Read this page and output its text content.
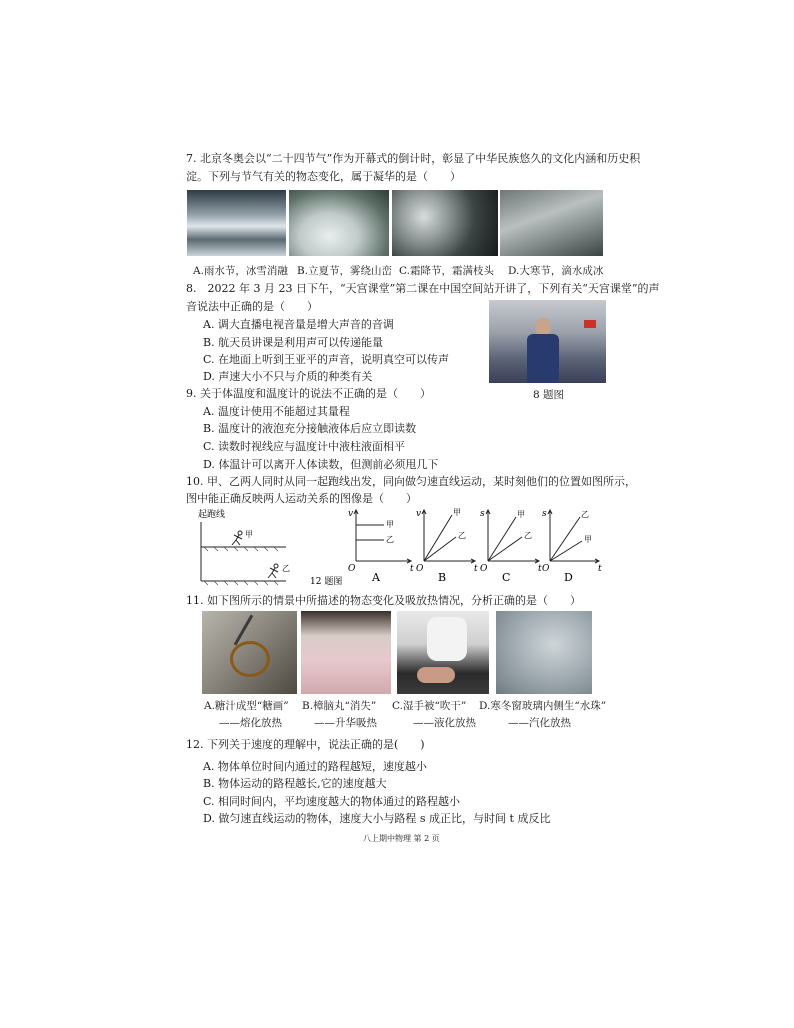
7. 北京冬奥会以“二十四节气”作为开幕式的倒计时，彰显了中华民族悠久的文化内涵和历史积
淀。下列与节气有关的物态变化，属于凝华的是（　　）
A.雨水节，冰雪消融 B.立夏节，雾绕山峦 C.霜降节，霜满枝头 D.大寒节，滴水成冰
8.　2022 年 3 月 23 日下午，“天宫课堂”第二课在中国空间站开讲了，下列有关“天宫课堂”的声
音说法中正确的是（　　）
A. 调大直播电视音量是增大声音的音调
B. 航天员讲课是利用声可以传递能量
C. 在地面上听到王亚平的声音，说明真空可以传声
D. 声速大小不只与介质的种类有关
8 题图
9. 关于体温度和温度计的说法不正确的是（　　）
A. 温度计使用不能超过其量程
B. 温度计的液泡充分接触液体后应立即读数
C. 读数时视线应与温度计中液柱液面相平
D. 体温计可以离开人体读数，但测前必须甩几下
10. 甲、乙两人同时从同一起跑线出发，同向做匀速直线运动，某时刻他们的位置如图所示，
图中能正确反映两人运动关系的图像是（　　）
起跑线
甲
乙
12 题图
v
t
O
甲
乙
A
v
t
O
甲
乙
B
s
t
O
甲
乙
C
s
t
O
乙
甲
D
11. 如下图所示的情景中所描述的物态变化及吸放热情况，分析正确的是（　　）
A.糖汁成型“糖画” B.樟脑丸“消失” C.湿手被“吹干” D.寒冬窗玻璃内侧生“水珠”
——熔化放热	——升华吸热	——液化放热	——汽化放热
12. 下列关于速度的理解中，说法正确的是(　　)
A. 物体单位时间内通过的路程越短，速度越小
B. 物体运动的路程越长,它的速度越大
C. 相同时间内，平均速度越大的物体通过的路程越小
D. 做匀速直线运动的物体，速度大小与路程 s 成正比，与时间 t 成反比
八上期中物理 第 2 页
